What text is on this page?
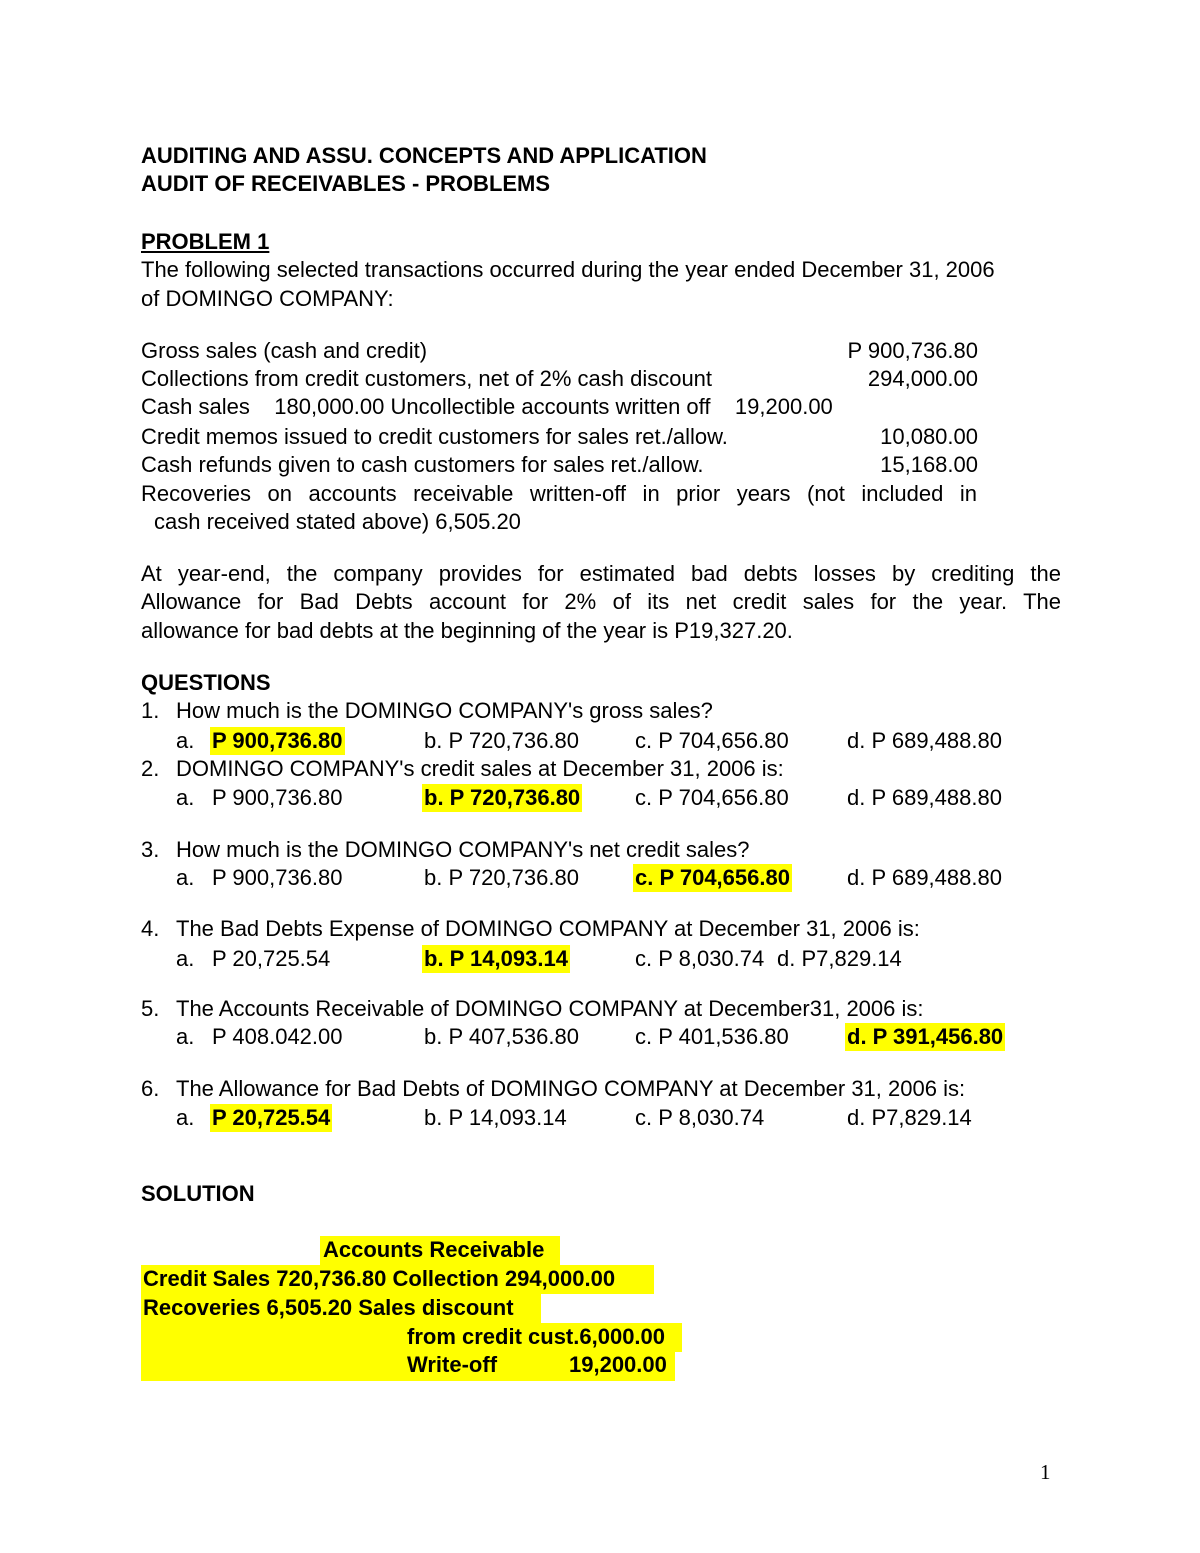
AUDITING AND ASSU. CONCEPTS AND APPLICATION
AUDIT OF RECEIVABLES - PROBLEMS
PROBLEM 1
The following selected transactions occurred during the year ended December 31, 2006
of DOMINGO COMPANY:
Gross sales (cash and credit)	P 900,736.80
Collections from credit customers, net of 2% cash discount	294,000.00
Cash sales    180,000.00 Uncollectible accounts written off    19,200.00
Credit memos issued to credit customers for sales ret./allow.	10,080.00
Cash refunds given to cash customers for sales ret./allow.	15,168.00
Recoveries on accounts receivable written-off in prior years (not included in
cash received stated above) 6,505.20
At year-end, the company provides for estimated bad debts losses by crediting the
Allowance for Bad Debts account for 2% of its net credit sales for the year. The
allowance for bad debts at the beginning of the year is P19,327.20.
QUESTIONS
1. How much is the DOMINGO COMPANY's gross sales?
a. P 900,736.80	b. P 720,736.80	c. P 704,656.80	d. P 689,488.80
2. DOMINGO COMPANY's credit sales at December 31, 2006 is:
a. P 900,736.80	b. P 720,736.80 c. P 704,656.80	d. P 689,488.80
3. How much is the DOMINGO COMPANY's net credit sales?
a. P 900,736.80	b. P 720,736.80	c. P 704,656.80	d. P 689,488.80
4. The Bad Debts Expense of DOMINGO COMPANY at December 31, 2006 is:
a. P 20,725.54	b. P 14,093.14	c. P 8,030.74 d. P7,829.14
5. The Accounts Receivable of DOMINGO COMPANY at December31, 2006 is:
a. P 408.042.00	b. P 407,536.80	c. P 401,536.80	d. P 391,456.80
6. The Allowance for Bad Debts of DOMINGO COMPANY at December 31, 2006 is:
a. P 20,725.54	b. P 14,093.14	c. P 8,030.74	d. P7,829.14
SOLUTION
Accounts Receivable
Credit Sales 720,736.80 Collection 294,000.00
Recoveries 6,505.20 Sales discount
from credit cust.6,000.00
Write-off	19,200.00
1
